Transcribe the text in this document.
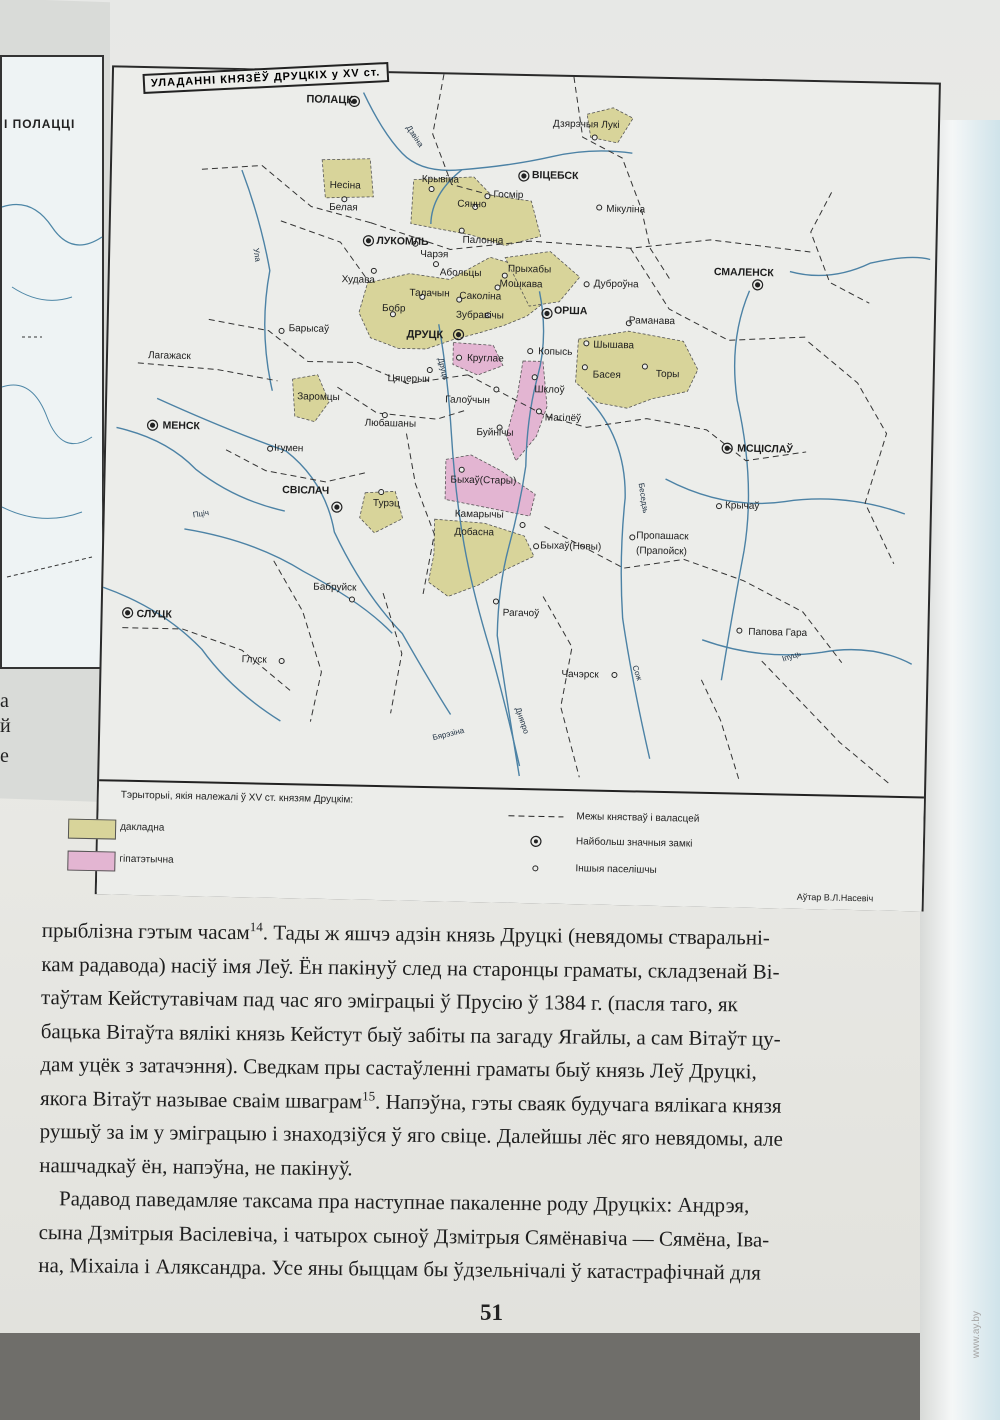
І ПОЛАЦЦІ
а
й
е
УЛАДАННІ КНЯЗЁЎ ДРУЦКІХ у XV ст.
ПОЛАЦК
Дзярэчыя Лукі
ВІЦЕБСК
Несіна
Крывіна
Сянно
Госмір
Мікуліна
Белая
ЛУКОМЛЬ	Палонна
СМАЛЕНСК
Чарэя
Прыхабы
Абольцы
Дуброўна
Худава	Мошкава
Талачын Саколіна
ОРША
Бобр
Зубравічы	Раманава
Барысаў	ДРУЦК
Копысь
Шышава
Лагажаск
Басея	Торы
Круглае
Цяцерын
Шклоў
Заромцы	Галоўчын
Магілёў
МЕНСК	Любашаны
Буйнічы
МСЦІСЛАЎ
Ігумен
Быхаў(Стары)
Крычаў
СВІСЛАЧ
Турэц
Камарычы
Добасна
Быхаў(Новы)
Пропашаск
(Прапойск)
Бабруйск
Рагачоў
СЛУЦК
Папова Гара
Глуск
Чачэрск
Дзвіна
Бярэзіна	Дняпро
Сож
Беседзь
Іпуць
Пціч
Ула
Друць
Тэрыторыі, якія належалі ў XV ст. князям Друцкім:
дакладна
гіпатэтычна
Межы княстваў і валасцей
Найбольш значныя замкі
Іншыя паселішчы
Аўтар В.Л.Насевіч
прыблізна гэтым часам$^{14}$. Тады ж яшчэ адзін князь Друцкі (невядомы стваральні-
кам радавода) насіў імя Леў. Ён пакінуў след на старонцы граматы, складзенай Ві-
таўтам Кейстутавічам пад час яго эміграцыі ў Прусію ў 1384 г. (пасля таго, як
бацька Вітаўта вялікі князь Кейстут быў забіты па загаду Ягайлы, а сам Вітаўт цу-
дам уцёк з затачэння). Сведкам пры састаўленні граматы быў князь Леў Друцкі,
якога Вітаўт называе сваім шваграм$^{15}$. Напэўна, гэты сваяк будучага вялікага князя
рушыў за ім у эміграцыю і знаходзіўся ў яго свіце. Далейшы лёс яго невядомы, але
нашчадкаў ён, напэўна, не пакінуў.
Радавод паведамляе таксама пра наступнае пакаленне роду Друцкіх: Андрэя,
сына Дзмітрыя Васілевіча, і чатырох сыноў Дзмітрыя Сямёнавіча — Сямёна, Іва-
на, Міхаіла і Аляксандра. Усе яны быццам бы ўдзельнічалі ў катастрафічнай для
51	www.ay.by
